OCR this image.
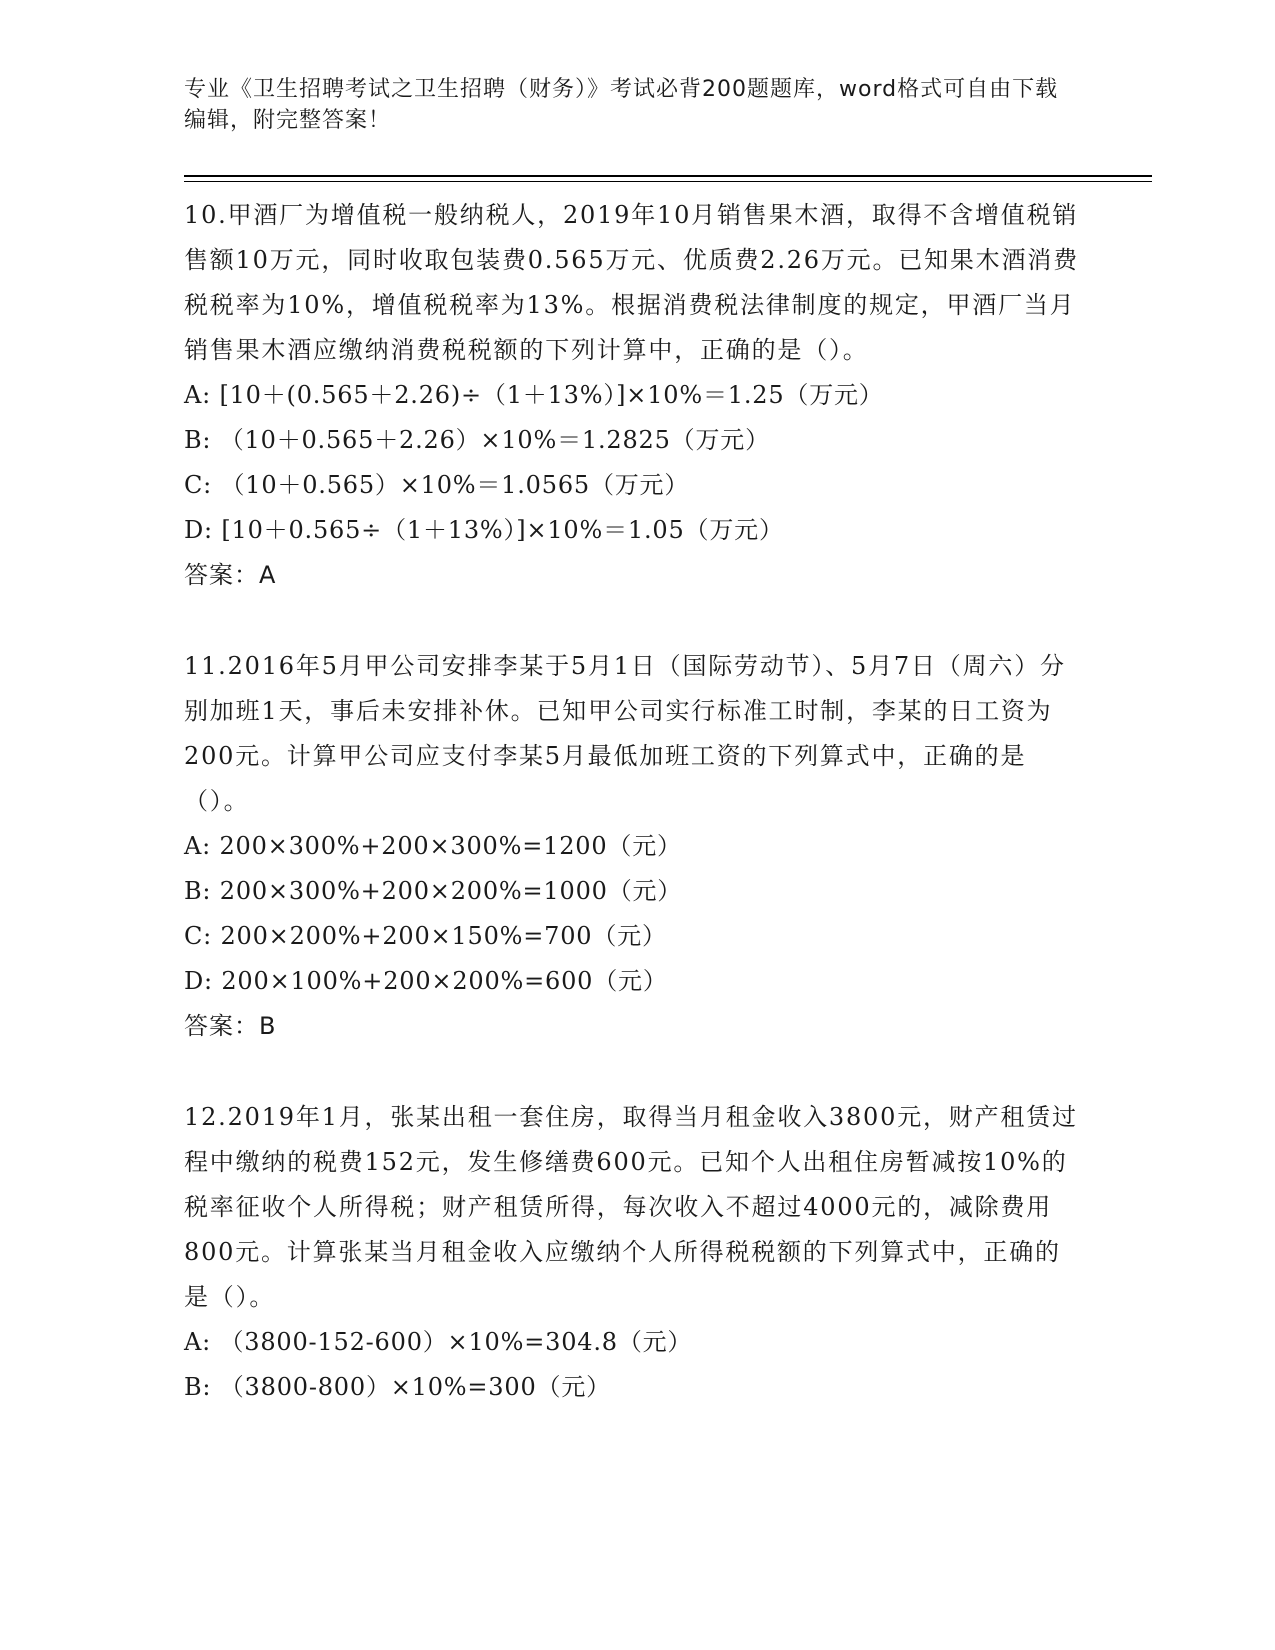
专业《卫生招聘考试之卫生招聘（财务）》考试必背200题题库，word格式可自由下载编辑，附完整答案！

10.甲酒厂为增值税一般纳税人，2019年10月销售果木酒，取得不含增值税销售额10万元，同时收取包装费0.565万元、优质费2.26万元。已知果木酒消费税税率为10%，增值税税率为13%。根据消费税法律制度的规定，甲酒厂当月销售果木酒应缴纳消费税税额的下列计算中，正确的是（）。

A: [10＋(0.565＋2.26)÷（1＋13%）]×10%＝1.25（万元）

B: （10＋0.565＋2.26）×10%＝1.2825（万元）

C: （10＋0.565）×10%＝1.0565（万元）

D: [10＋0.565÷（1＋13%）]×10%＝1.05（万元）

答案：A

11.2016年5月甲公司安排李某于5月1日（国际劳动节）、5月7日（周六）分别加班1天，事后未安排补休。已知甲公司实行标准工时制，李某的日工资为200元。计算甲公司应支付李某5月最低加班工资的下列算式中，正确的是（）。

A: 200×300%+200×300%=1200（元）

B: 200×300%+200×200%=1000（元）

C: 200×200%+200×150%=700（元）

D: 200×100%+200×200%=600（元）

答案：B

12.2019年1月，张某出租一套住房，取得当月租金收入3800元，财产租赁过程中缴纳的税费152元，发生修缮费600元。已知个人出租住房暂减按10%的税率征收个人所得税；财产租赁所得，每次收入不超过4000元的，减除费用800元。计算张某当月租金收入应缴纳个人所得税税额的下列算式中，正确的是（）。

A: （3800-152-600）×10%=304.8（元）

B: （3800-800）×10%=300（元）
